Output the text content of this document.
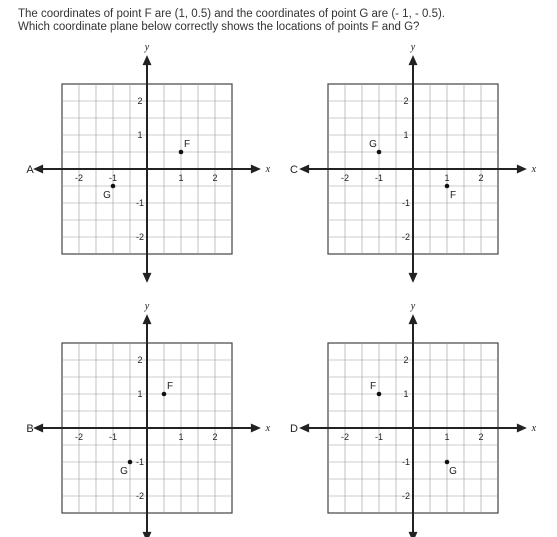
The coordinates of point F are (1, 0.5) and the coordinates of point G are (- 1, - 0.5).
Which coordinate plane below correctly shows the locations of points F and G?
x
y
A
-2	-1	1	2
2
1
-1
-2
F
G
x
y
C
-2	-1	1	2
2
1
-1
-2
G
F
x
y
B
-2	-1	1	2
2
1
-1
-2
F
G
x
y
D
-2	-1	1	2
2
1
-1
-2
F
G
